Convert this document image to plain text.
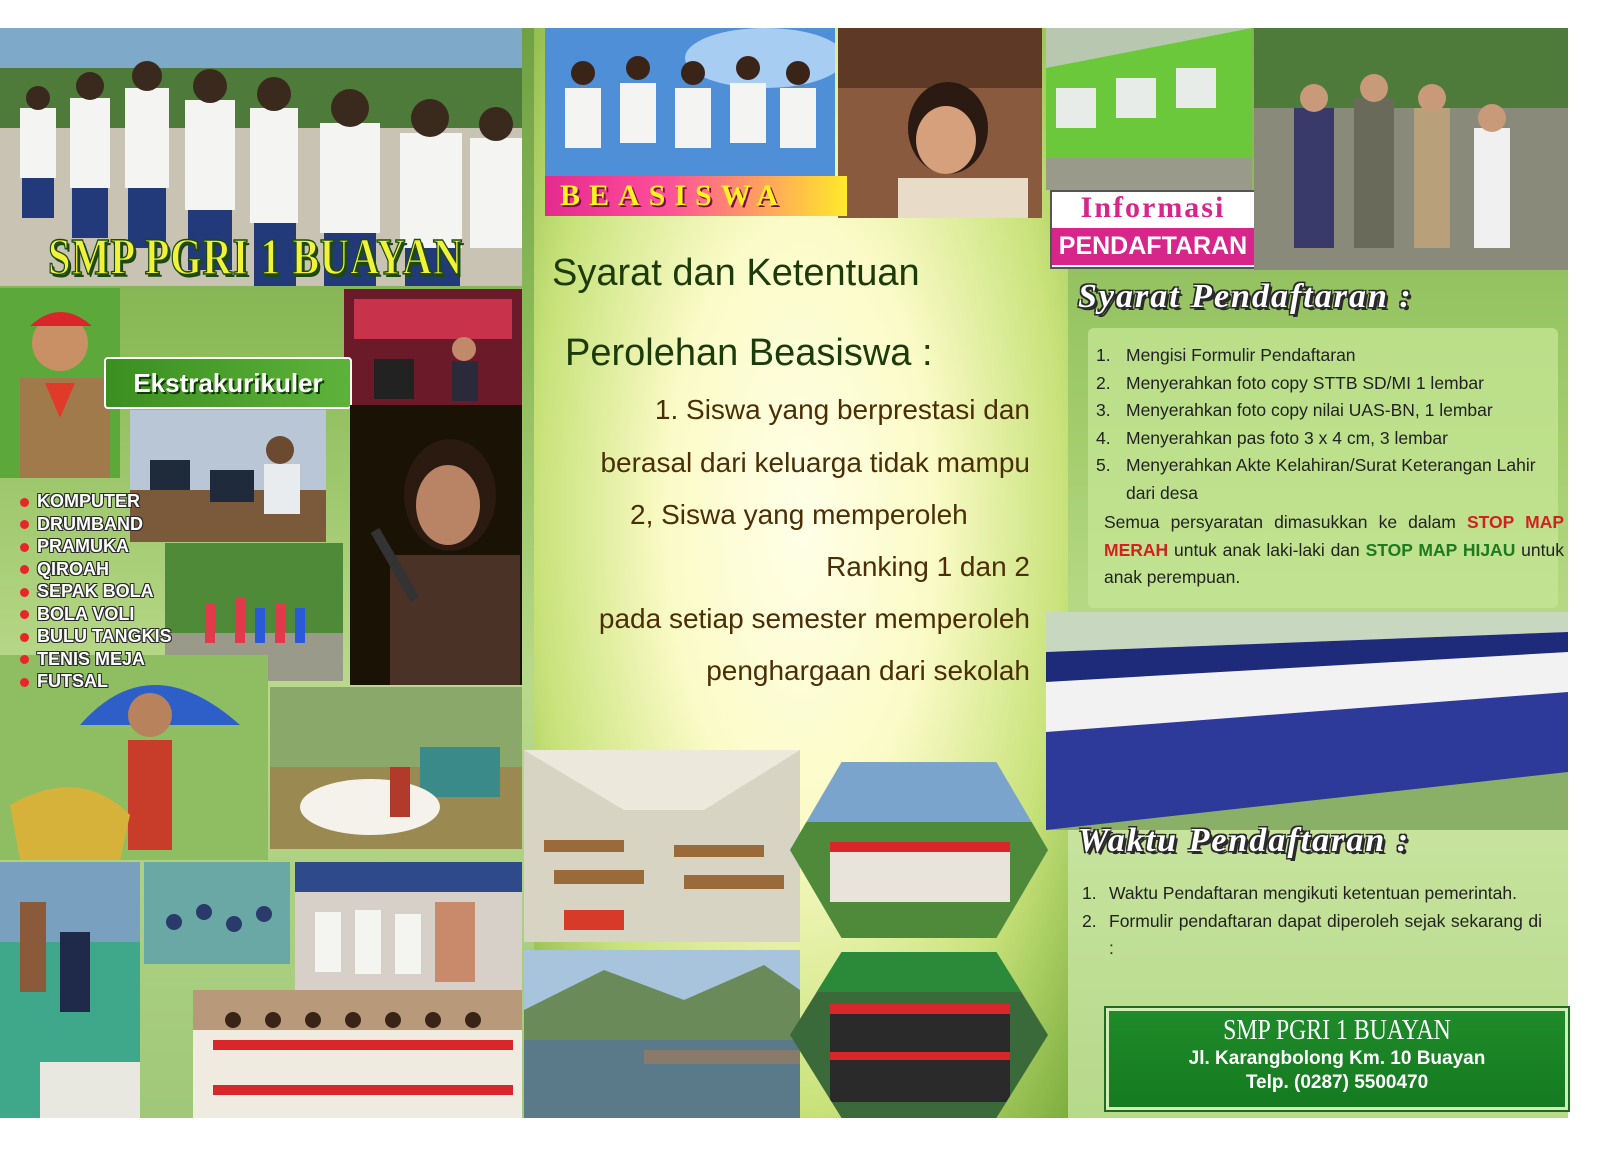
SMP PGRI 1 BUAYAN
Ekstrakurikuler
KOMPUTER
DRUMBAND
PRAMUKA
QIROAH
SEPAK BOLA
BOLA VOLI
BULU TANGKIS
TENIS MEJA
FUTSAL
BEASISWA
Syarat dan Ketentuan
Perolehan Beasiswa :
1. Siswa yang berprestasi dan
berasal dari keluarga tidak mampu
2, Siswa yang memperoleh
Ranking 1 dan 2
pada setiap semester memperoleh
penghargaan dari sekolah
Informasi
PENDAFTARAN
Syarat Pendaftaran :
1. Mengisi Formulir Pendaftaran
2. Menyerahkan foto copy STTB SD/MI 1 lembar
3. Menyerahkan foto copy nilai UAS-BN, 1 lembar
4. Menyerahkan pas foto 3 x 4 cm, 3 lembar
5. Menyerahkan Akte Kelahiran/Surat Keterangan Lahir dari desa
Semua persyaratan dimasukkan ke dalam STOP MAP MERAH untuk anak laki-laki dan STOP MAP HIJAU untuk anak perempuan.
Waktu Pendaftaran :
1. Waktu Pendaftaran mengikuti ketentuan pemerintah.
2. Formulir pendaftaran dapat diperoleh sejak sekarang di :
SMP PGRI 1 BUAYAN
Jl. Karangbolong Km. 10 Buayan
Telp. (0287) 5500470
